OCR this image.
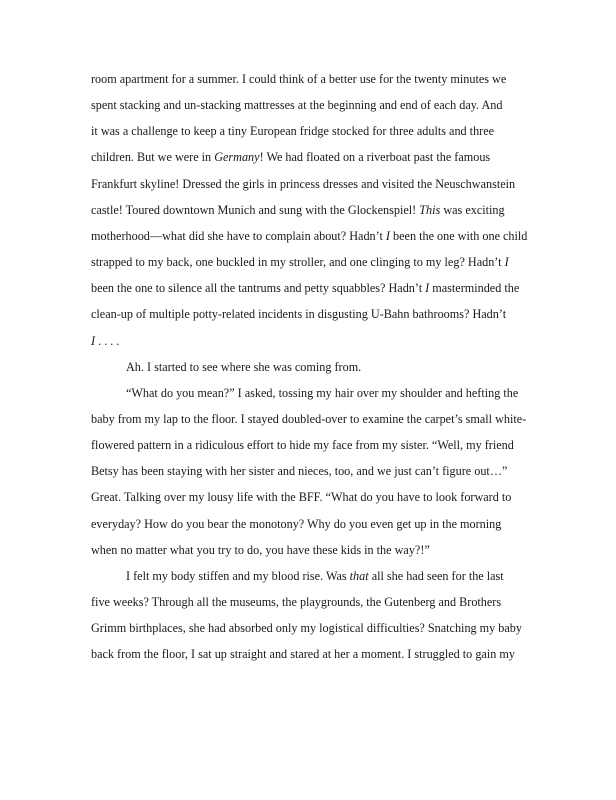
room apartment for a summer. I could think of a better use for the twenty minutes we
spent stacking and un-stacking mattresses at the beginning and end of each day. And
it was a challenge to keep a tiny European fridge stocked for three adults and three
children. But we were in Germany! We had floated on a riverboat past the famous
Frankfurt skyline! Dressed the girls in princess dresses and visited the Neuschwanstein
castle! Toured downtown Munich and sung with the Glockenspiel! This was exciting
motherhood—what did she have to complain about? Hadn’t I been the one with one child
strapped to my back, one buckled in my stroller, and one clinging to my leg? Hadn’t I
been the one to silence all the tantrums and petty squabbles? Hadn’t I masterminded the
clean-up of multiple potty-related incidents in disgusting U-Bahn bathrooms? Hadn’t
I . . . .
Ah. I started to see where she was coming from.
“What do you mean?” I asked, tossing my hair over my shoulder and hefting the
baby from my lap to the floor. I stayed doubled-over to examine the carpet’s small white-
flowered pattern in a ridiculous effort to hide my face from my sister. “Well, my friend
Betsy has been staying with her sister and nieces, too, and we just can’t figure out…”
Great. Talking over my lousy life with the BFF. “What do you have to look forward to
everyday? How do you bear the monotony? Why do you even get up in the morning
when no matter what you try to do, you have these kids in the way?!”
I felt my body stiffen and my blood rise. Was that all she had seen for the last
five weeks? Through all the museums, the playgrounds, the Gutenberg and Brothers
Grimm birthplaces, she had absorbed only my logistical difficulties? Snatching my baby
back from the floor, I sat up straight and stared at her a moment. I struggled to gain my
